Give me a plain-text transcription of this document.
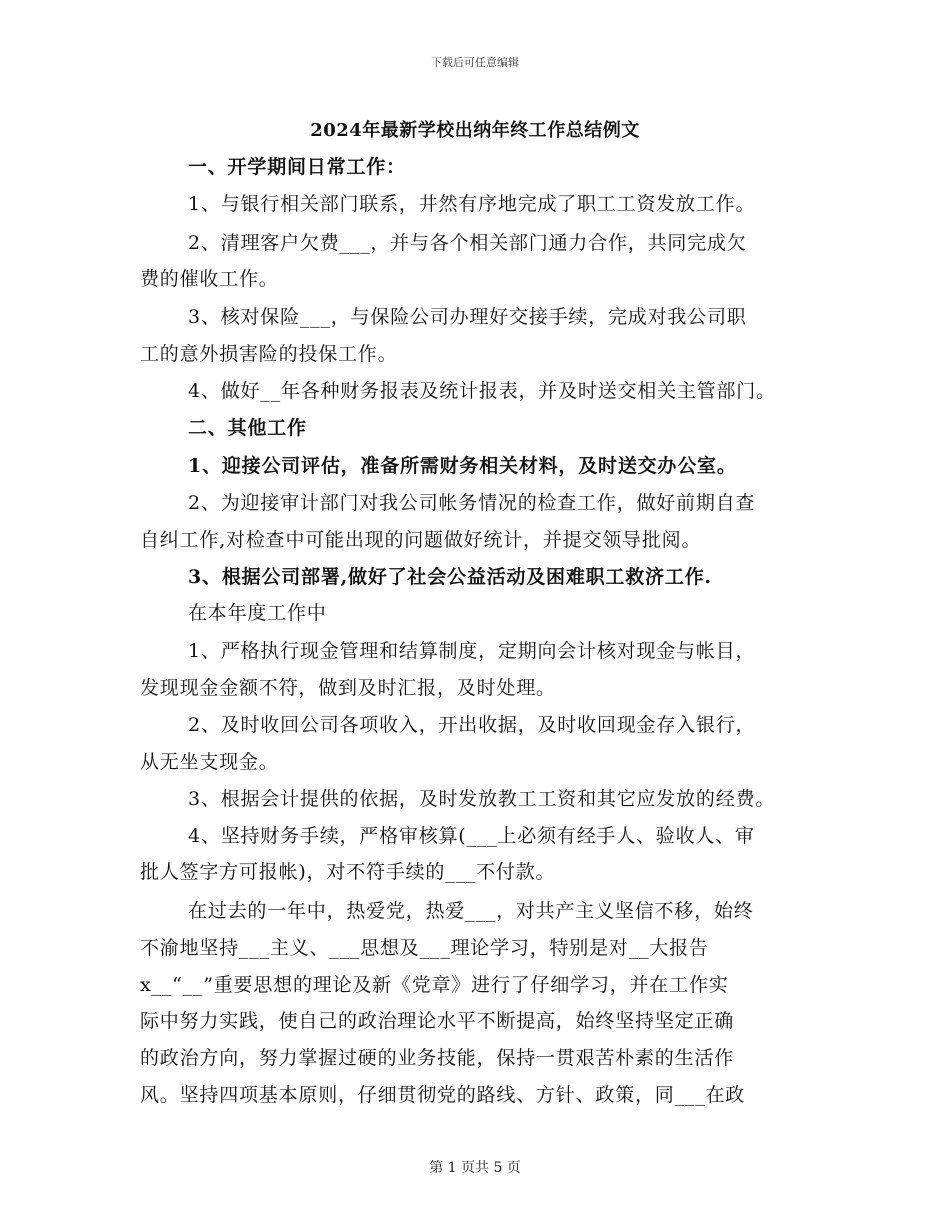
下载后可任意编辑
2024年最新学校出纳年终工作总结例文
一、开学期间日常工作：
1、与银行相关部门联系，井然有序地完成了职工工资发放工作。
2、清理客户欠费___，并与各个相关部门通力合作，共同完成欠
费的催收工作。
3、核对保险___，与保险公司办理好交接手续，完成对我公司职
工的意外损害险的投保工作。
4、做好__年各种财务报表及统计报表，并及时送交相关主管部门。
二、其他工作
1、迎接公司评估，准备所需财务相关材料，及时送交办公室。
2、为迎接审计部门对我公司帐务情况的检查工作，做好前期自查
自纠工作,对检查中可能出现的问题做好统计，并提交领导批阅。
3、根据公司部署,做好了社会公益活动及困难职工救济工作.
在本年度工作中
1、严格执行现金管理和结算制度，定期向会计核对现金与帐目，
发现现金金额不符，做到及时汇报，及时处理。
2、及时收回公司各项收入，开出收据，及时收回现金存入银行，
从无坐支现金。
3、根据会计提供的依据，及时发放教工工资和其它应发放的经费。
4、坚持财务手续，严格审核算(___上必须有经手人、验收人、审
批人签字方可报帐)，对不符手续的___不付款。
在过去的一年中，热爱党，热爱___，对共产主义坚信不移，始终
不渝地坚持___主义、___思想及___理论学习，特别是对__大报告
x__“__”重要思想的理论及新《党章》进行了仔细学习，并在工作实
际中努力实践，使自己的政治理论水平不断提高，始终坚持坚定正确
的政治方向，努力掌握过硬的业务技能，保持一贯艰苦朴素的生活作
风。坚持四项基本原则，仔细贯彻党的路线、方针、政策，同___在政
第 1 页共 5 页
